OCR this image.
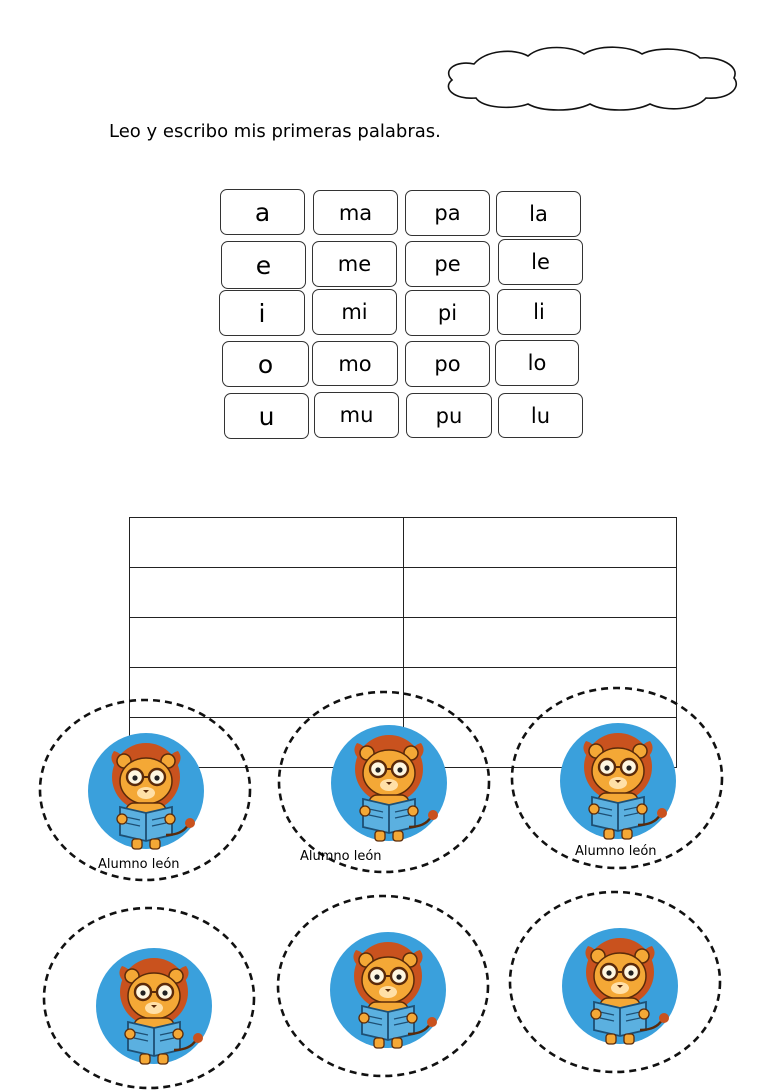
Leo y escribo mis primeras palabras.
a	ma	pa	la
e	me	pe	le
i	mi	pi	li
o	mo	po	lo
u	mu	pu	lu

Alumno león
Alumno león	Alumno león
